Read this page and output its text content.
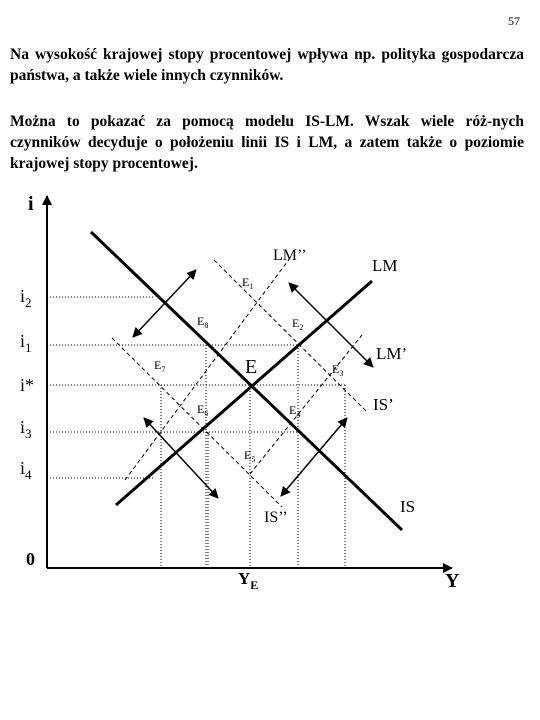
57
Na wysokość krajowej stopy procentowej wpływa np. polityka gospodarcza państwa, a także wiele innych czynników.
Można to pokazać za pomocą modelu IS-LM. Wszak wiele róż-nych czynników decyduje o położeniu linii IS i LM, a zatem także o poziomie krajowej stopy procentowej.
i
Y
0
$i_2$
$i_1$
i*
$i_3$
$i_4$
$Y_E$
LM
LM’’
LM’
IS’
IS
IS’’
E
$E_1$
$E_2$
$E_3$
$E_4$
$E_5$
$E_6$
$E_7$
$E_8$
